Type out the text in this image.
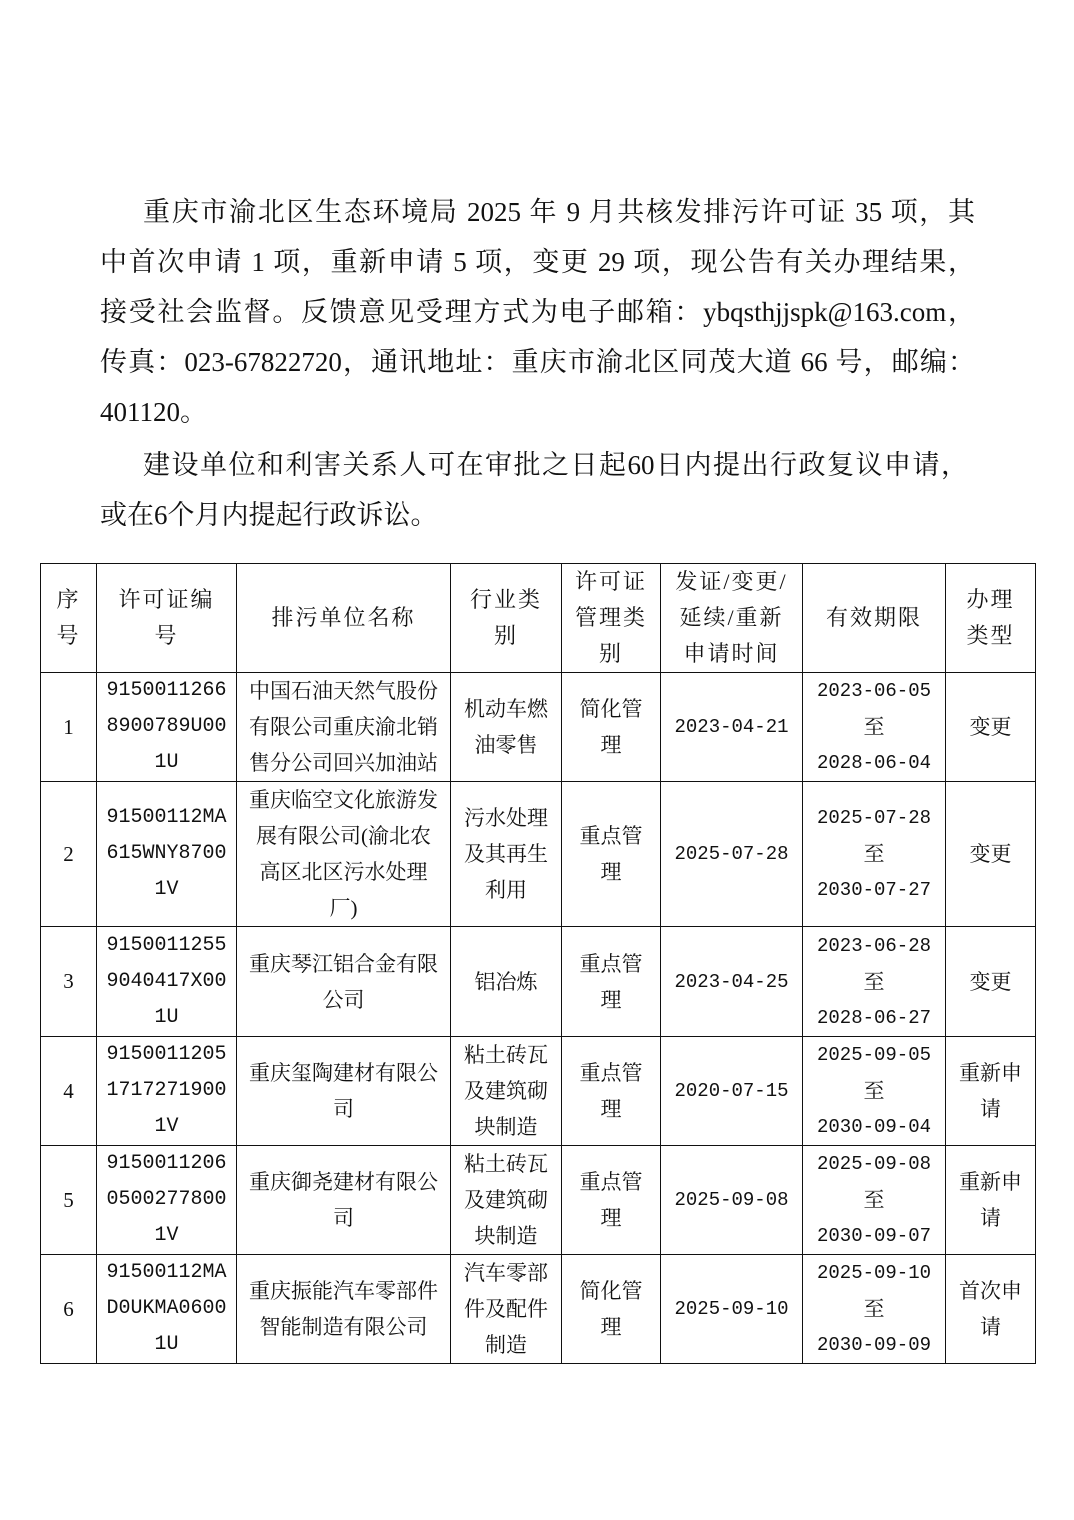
重庆市渝北区生态环境局 2025 年 9 月共核发排污许可证 35 项，其
中首次申请 1 项，重新申请 5 项，变更 29 项，现公告有关办理结果，
接受社会监督。反馈意见受理方式为电子邮箱：ybqsthjjspk@163.com，
传真：023-67822720，通讯地址：重庆市渝北区同茂大道 66 号，邮编：
401120。
建设单位和利害关系人可在审批之日起60日内提出行政复议申请，
或在6个月内提起行政诉讼。
序号	许可证编号	排污单位名称	行业类别	许可证管理类别	发证/变更/延续/重新申请时间	有效期限	办理类型

1	91500112668900789U001U	中国石油天然气股份有限公司重庆渝北销售分公司回兴加油站	机动车燃油零售	简化管理	2023-04-21	2023-06-05
至
2028-06-04	变更

2	91500112MA615WNY87001V	重庆临空文化旅游发展有限公司(渝北农高区北区污水处理厂)	污水处理及其再生利用	重点管理	2025-07-28	2025-07-28
至
2030-07-27	变更

3	91500112559040417X001U	重庆琴江铝合金有限公司	铝冶炼	重点管理	2023-04-25	2023-06-28
至
2028-06-27	变更

4	915001120517172719001V	重庆玺陶建材有限公司	粘土砖瓦及建筑砌块制造	重点管理	2020-07-15	2025-09-05
至
2030-09-04	重新申请

5	915001120605002778001V	重庆御尧建材有限公司	粘土砖瓦及建筑砌块制造	重点管理	2025-09-08	2025-09-08
至
2030-09-07	重新申请

6	91500112MAD0UKMA06001U	重庆振能汽车零部件智能制造有限公司	汽车零部件及配件制造	简化管理	2025-09-10	2025-09-10
至
2030-09-09	首次申请
